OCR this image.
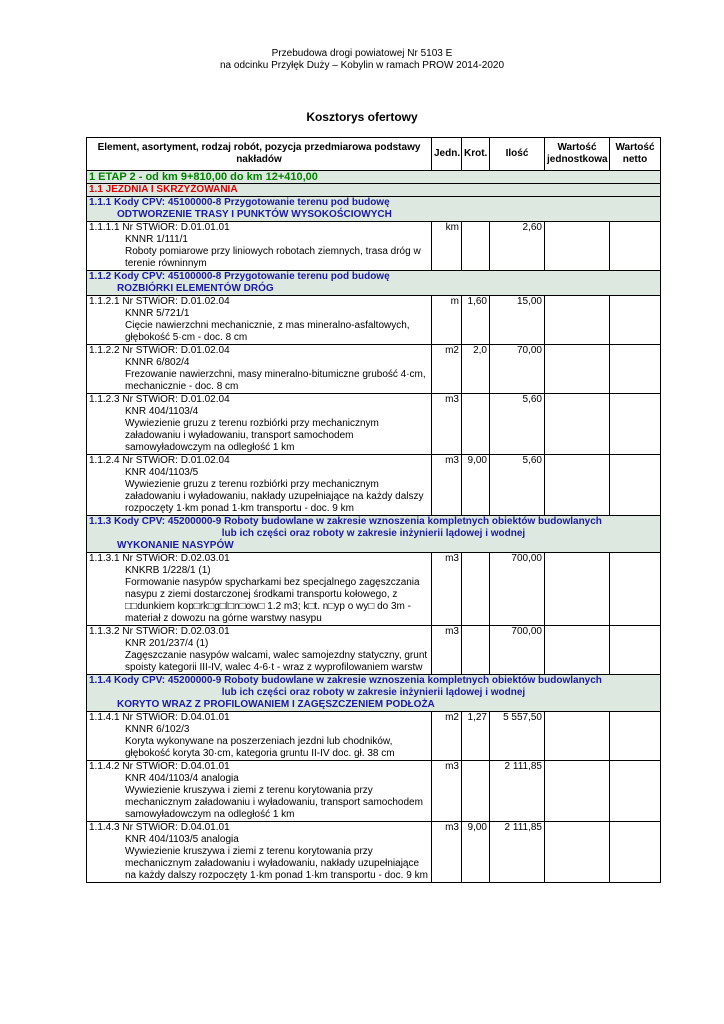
Przebudowa drogi powiatowej Nr 5103 E
na odcinku Przyłęk Duży – Kobylin w ramach PROW 2014-2020
Kosztorys ofertowy
Element, asortyment, rodzaj robót, pozycja przedmiarowa podstawy nakładów	Jedn.	Krot.	Ilość	Wartość jednostkowa	Wartość netto
1 ETAP 2 - od km 9+810,00 do km 12+410,00					
1.1 JEZDNIA I SKRZYŻOWANIA					
1.1.1 Kody CPV: 45100000-8 Przygotowanie terenu pod budowę
ODTWORZENIE TRASY I PUNKTÓW WYSOKOŚCIOWYCH					

1.1.1.1 Nr STWiOR: D.01.01.01
KNNR 1/111/1
Roboty pomiarowe przy liniowych robotach ziemnych, trasa dróg w terenie równinnym	km		2,60		
1.1.2 Kody CPV: 45100000-8 Przygotowanie terenu pod budowę
ROZBIÓRKI ELEMENTÓW DRÓG					

1.1.2.1 Nr STWiOR: D.01.02.04
KNNR 5/721/1
Cięcie nawierzchni mechanicznie, z mas mineralno-asfaltowych, głębokość 5·cm - doc. 8 cm	m	1,60	15,00		
1.1.2.2 Nr STWiOR: D.01.02.04
KNNR 6/802/4
Frezowanie nawierzchni, masy mineralno-bitumiczne grubość 4·cm, mechanicznie - doc. 8 cm	m2	2,0	70,00		
1.1.2.3 Nr STWiOR: D.01.02.04
KNR 404/1103/4
Wywiezienie gruzu z terenu rozbiórki przy mechanicznym załadowaniu i wyładowaniu, transport samochodem samowyładowczym na odległość 1 km	m3		5,60		
1.1.2.4 Nr STWiOR: D.01.02.04
KNR 404/1103/5
Wywiezienie gruzu z terenu rozbiórki przy mechanicznym załadowaniu i wyładowaniu, nakłady uzupełniające na każdy dalszy rozpoczęty 1·km ponad 1·km transportu - doc. 9 km	m3	9,00	5,60		
1.1.3 Kody CPV: 45200000-9 Roboty budowlane w zakresie wznoszenia kompletnych obiektów budowlanych
lub ich części oraz roboty w zakresie inżynierii lądowej i wodnej
WYKONANIE NASYPÓW					

1.1.3.1 Nr STWiOR: D.02.03.01
KNKRB 1/228/1 (1)
Formowanie nasypów spycharkami bez specjalnego zagęszczania nasypu z ziemi dostarczonej środkami transportu kołowego, z □□dunkiem kop□rk□g□l□n□ow□ 1.2 m3; k□t. n□yp o wy□ do 3m - materiał z dowozu na górne warstwy nasypu	m3		700,00		
1.1.3.2 Nr STWiOR: D.02.03.01
KNR 201/237/4 (1)
Zagęszczanie nasypów walcami, walec samojezdny statyczny, grunt spoisty kategorii III-IV, walec 4-6·t - wraz z wyprofilowaniem warstw	m3		700,00		
1.1.4 Kody CPV: 45200000-9 Roboty budowlane w zakresie wznoszenia kompletnych obiektów budowlanych
lub ich części oraz roboty w zakresie inżynierii lądowej i wodnej
KORYTO WRAZ Z PROFILOWANIEM I ZAGĘSZCZENIEM PODŁOŻA					

1.1.4.1 Nr STWiOR: D.04.01.01
KNNR 6/102/3
Koryta wykonywane na poszerzeniach jezdni lub chodników, głębokość koryta 30·cm, kategoria gruntu II-IV doc. gł. 38 cm	m2	1,27	5 557,50		
1.1.4.2 Nr STWiOR: D.04.01.01
KNR 404/1103/4 analogia
Wywiezienie kruszywa i ziemi z terenu korytowania przy mechanicznym załadowaniu i wyładowaniu, transport samochodem samowyładowczym na odległość 1 km	m3		2 111,85		
1.1.4.3 Nr STWiOR: D.04.01.01
KNR 404/1103/5 analogia
Wywiezienie kruszywa i ziemi z terenu korytowania przy mechanicznym załadowaniu i wyładowaniu, nakłady uzupełniające na każdy dalszy rozpoczęty 1·km ponad 1·km transportu - doc. 9 km	m3	9,00	2 111,85		
